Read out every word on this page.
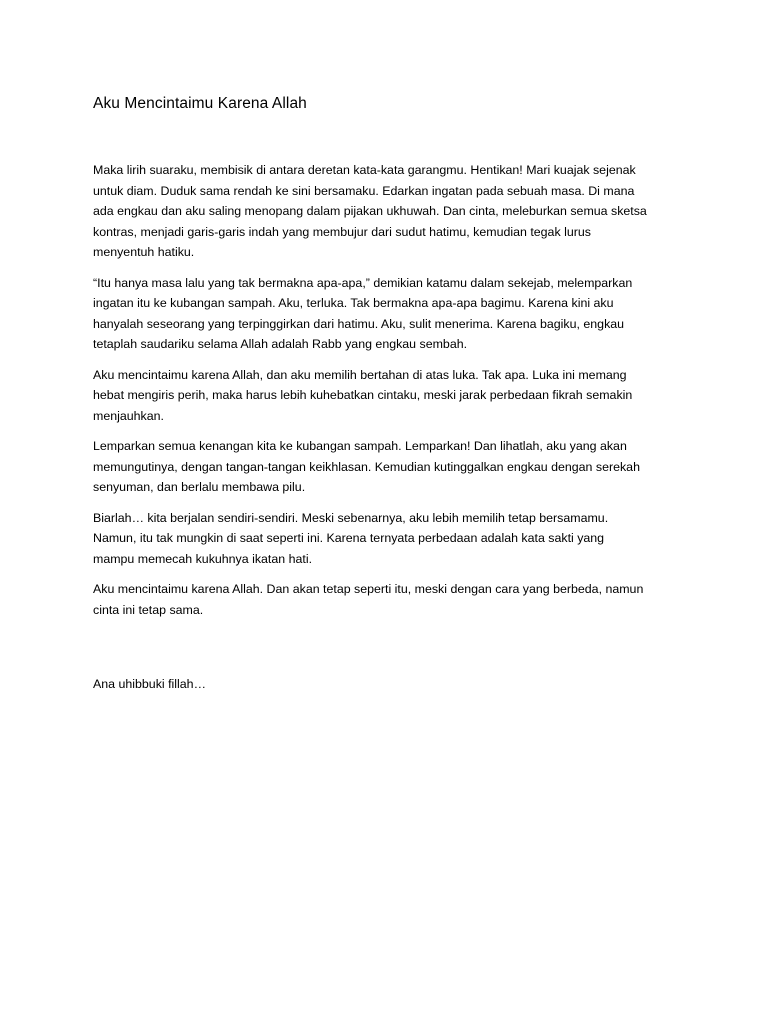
Aku Mencintaimu Karena Allah

Maka lirih suaraku, membisik di antara deretan kata-kata garangmu. Hentikan! Mari kuajak sejenak
untuk diam. Duduk sama rendah ke sini bersamaku. Edarkan ingatan pada sebuah masa. Di mana
ada engkau dan aku saling menopang dalam pijakan ukhuwah. Dan cinta, meleburkan semua sketsa
kontras, menjadi garis-garis indah yang membujur dari sudut hatimu, kemudian tegak lurus
menyentuh hatiku.

“Itu hanya masa lalu yang tak bermakna apa-apa,” demikian katamu dalam sekejab, melemparkan
ingatan itu ke kubangan sampah. Aku, terluka. Tak bermakna apa-apa bagimu. Karena kini aku
hanyalah seseorang yang terpinggirkan dari hatimu. Aku, sulit menerima. Karena bagiku, engkau
tetaplah saudariku selama Allah adalah Rabb yang engkau sembah.

Aku mencintaimu karena Allah, dan aku memilih bertahan di atas luka. Tak apa. Luka ini memang
hebat mengiris perih, maka harus lebih kuhebatkan cintaku, meski jarak perbedaan fikrah semakin
menjauhkan.

Lemparkan semua kenangan kita ke kubangan sampah. Lemparkan! Dan lihatlah, aku yang akan
memungutinya, dengan tangan-tangan keikhlasan. Kemudian kutinggalkan engkau dengan serekah
senyuman, dan berlalu membawa pilu.

Biarlah… kita berjalan sendiri-sendiri. Meski sebenarnya, aku lebih memilih tetap bersamamu.
Namun, itu tak mungkin di saat seperti ini. Karena ternyata perbedaan adalah kata sakti yang
mampu memecah kukuhnya ikatan hati.

Aku mencintaimu karena Allah. Dan akan tetap seperti itu, meski dengan cara yang berbeda, namun
cinta ini tetap sama.

Ana uhibbuki fillah…
